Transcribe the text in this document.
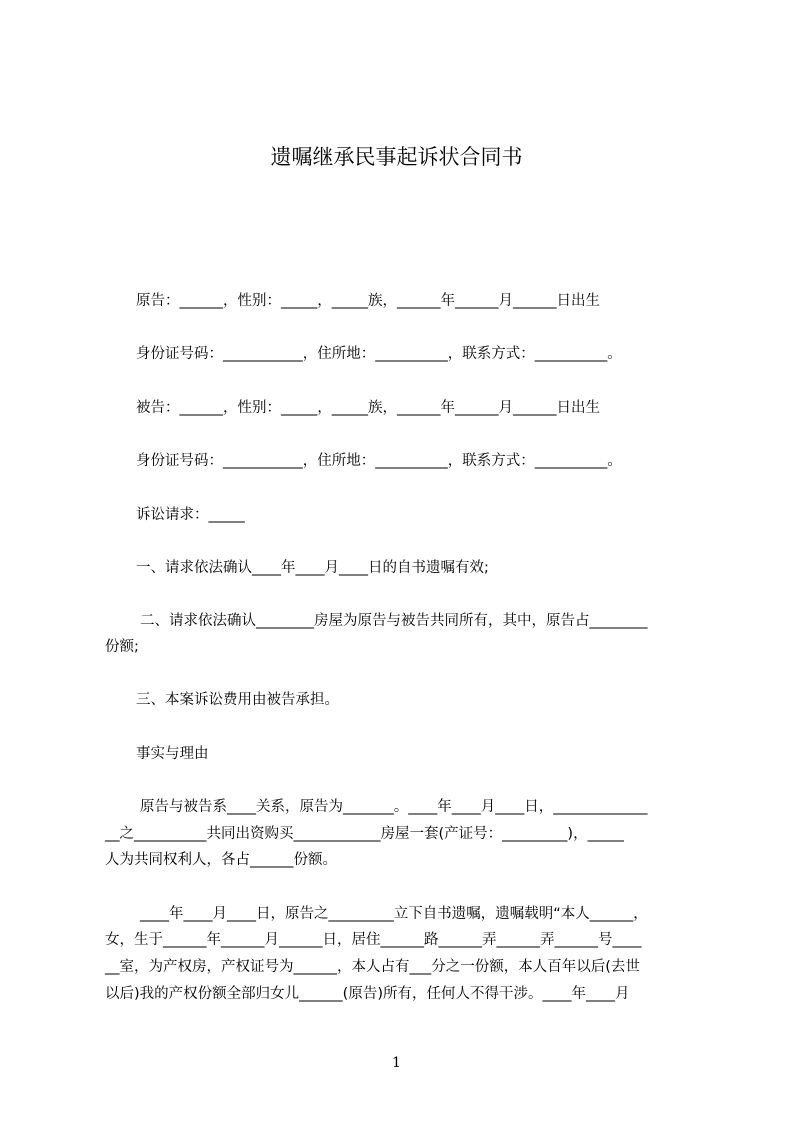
遗嘱继承民事起诉状合同书
原告：______，性别：_____，_____族，______年______月______日出生
身份证号码：___________，住所地：__________，联系方式：__________。
被告：______，性别：_____，_____族，______年______月______日出生
身份证号码：___________，住所地：__________，联系方式：__________。
诉讼请求：_____
一、请求依法确认____年____月____日的自书遗嘱有效;
二、请求依法确认________房屋为原告与被告共同所有，其中，原告占________
份额;
三、本案诉讼费用由被告承担。
事实与理由
原告与被告系____关系，原告为_______。____年____月____日，_____________
__之__________共同出资购买____________房屋一套(产证号：_________)，_____
人为共同权利人，各占______份额。
____年____月____日，原告之_________立下自书遗嘱，遗嘱载明“本人______，
女，生于______年______月______日，居住______路______弄______弄______号____
__室，为产权房，产权证号为______，本人占有___分之一份额，本人百年以后(去世
以后)我的产权份额全部归女儿______(原告)所有，任何人不得干涉。____年____月
1
